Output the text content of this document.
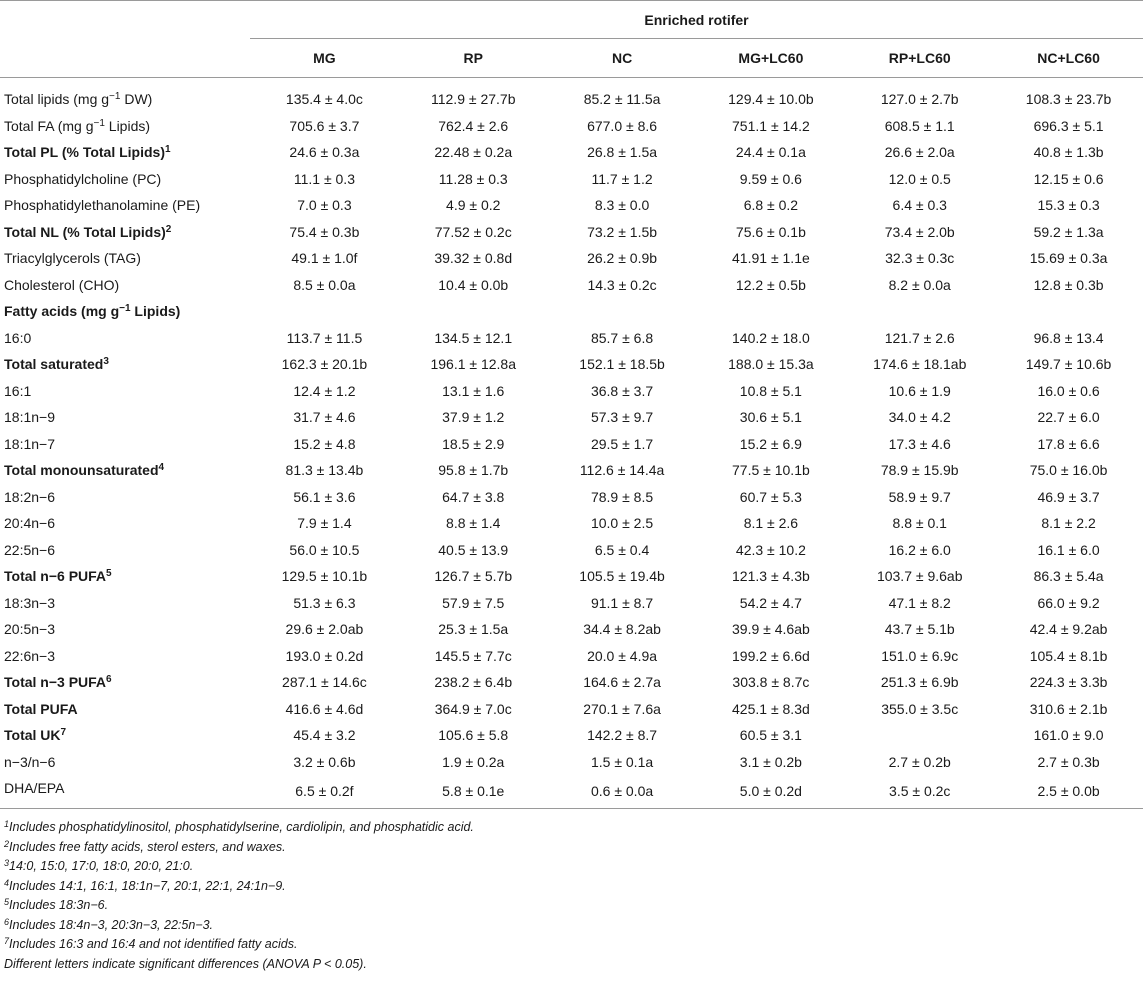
	Enriched rotifer					
	MG	RP	NC	MG+LC60	RP+LC60	NC+LC60
Total lipids (mg $g^{-1}$ DW)	135.4 ± 4.0c	112.9 ± 27.7b	85.2 ± 11.5a	129.4 ± 10.0b	127.0 ± 2.7b	108.3 ± 23.7b
Total FA (mg $g^{-1}$ Lipids)	705.6 ± 3.7	762.4 ± 2.6	677.0 ± 8.6	751.1 ± 14.2	608.5 ± 1.1	696.3 ± 5.1
Total PL (% Total Lipids)$^1$	24.6 ± 0.3a	22.48 ± 0.2a	26.8 ± 1.5a	24.4 ± 0.1a	26.6 ± 2.0a	40.8 ± 1.3b
Phosphatidylcholine (PC)	11.1 ± 0.3	11.28 ± 0.3	11.7 ± 1.2	9.59 ± 0.6	12.0 ± 0.5	12.15 ± 0.6
Phosphatidylethanolamine (PE)	7.0 ± 0.3	4.9 ± 0.2	8.3 ± 0.0	6.8 ± 0.2	6.4 ± 0.3	15.3 ± 0.3
Total NL (% Total Lipids)$^2$	75.4 ± 0.3b	77.52 ± 0.2c	73.2 ± 1.5b	75.6 ± 0.1b	73.4 ± 2.0b	59.2 ± 1.3a
Triacylglycerols (TAG)	49.1 ± 1.0f	39.32 ± 0.8d	26.2 ± 0.9b	41.91 ± 1.1e	32.3 ± 0.3c	15.69 ± 0.3a
Cholesterol (CHO)	8.5 ± 0.0a	10.4 ± 0.0b	14.3 ± 0.2c	12.2 ± 0.5b	8.2 ± 0.0a	12.8 ± 0.3b
Fatty acids (mg $g^{-1}$ Lipids)						
16:0	113.7 ± 11.5	134.5 ± 12.1	85.7 ± 6.8	140.2 ± 18.0	121.7 ± 2.6	96.8 ± 13.4
Total saturated$^3$	162.3 ± 20.1b	196.1 ± 12.8a	152.1 ± 18.5b	188.0 ± 15.3a	174.6 ± 18.1ab	149.7 ± 10.6b
16:1	12.4 ± 1.2	13.1 ± 1.6	36.8 ± 3.7	10.8 ± 5.1	10.6 ± 1.9	16.0 ± 0.6
18:1n−9	31.7 ± 4.6	37.9 ± 1.2	57.3 ± 9.7	30.6 ± 5.1	34.0 ± 4.2	22.7 ± 6.0
18:1n−7	15.2 ± 4.8	18.5 ± 2.9	29.5 ± 1.7	15.2 ± 6.9	17.3 ± 4.6	17.8 ± 6.6
Total monounsaturated$^4$	81.3 ± 13.4b	95.8 ± 1.7b	112.6 ± 14.4a	77.5 ± 10.1b	78.9 ± 15.9b	75.0 ± 16.0b
18:2n−6	56.1 ± 3.6	64.7 ± 3.8	78.9 ± 8.5	60.7 ± 5.3	58.9 ± 9.7	46.9 ± 3.7
20:4n−6	7.9 ± 1.4	8.8 ± 1.4	10.0 ± 2.5	8.1 ± 2.6	8.8 ± 0.1	8.1 ± 2.2
22:5n−6	56.0 ± 10.5	40.5 ± 13.9	6.5 ± 0.4	42.3 ± 10.2	16.2 ± 6.0	16.1 ± 6.0
Total n−6 PUFA$^5$	129.5 ± 10.1b	126.7 ± 5.7b	105.5 ± 19.4b	121.3 ± 4.3b	103.7 ± 9.6ab	86.3 ± 5.4a
18:3n−3	51.3 ± 6.3	57.9 ± 7.5	91.1 ± 8.7	54.2 ± 4.7	47.1 ± 8.2	66.0 ± 9.2
20:5n−3	29.6 ± 2.0ab	25.3 ± 1.5a	34.4 ± 8.2ab	39.9 ± 4.6ab	43.7 ± 5.1b	42.4 ± 9.2ab
22:6n−3	193.0 ± 0.2d	145.5 ± 7.7c	20.0 ± 4.9a	199.2 ± 6.6d	151.0 ± 6.9c	105.4 ± 8.1b
Total n−3 PUFA$^6$	287.1 ± 14.6c	238.2 ± 6.4b	164.6 ± 2.7a	303.8 ± 8.7c	251.3 ± 6.9b	224.3 ± 3.3b
Total PUFA	416.6 ± 4.6d	364.9 ± 7.0c	270.1 ± 7.6a	425.1 ± 8.3d	355.0 ± 3.5c	310.6 ± 2.1b
Total $UK^7$	45.4 ± 3.2	105.6 ± 5.8	142.2 ± 8.7	60.5 ± 3.1		161.0 ± 9.0
n−3/n−6	3.2 ± 0.6b	1.9 ± 0.2a	1.5 ± 0.1a	3.1 ± 0.2b	2.7 ± 0.2b	2.7 ± 0.3b
DHA/EPA	6.5 ± 0.2f	5.8 ± 0.1e	0.6 ± 0.0a	5.0 ± 0.2d	3.5 ± 0.2c	2.5 ± 0.0b
$^1$Includes phosphatidylinositol, phosphatidylserine, cardiolipin, and phosphatidic acid.
$^2$Includes free fatty acids, sterol esters, and waxes.
$^3$14:0, 15:0, 17:0, 18:0, 20:0, 21:0.
$^4$Includes 14:1, 16:1, 18:1n−7, 20:1, 22:1, 24:1n−9.
$^5$Includes 18:3n−6.
$^6$Includes 18:4n−3, 20:3n−3, 22:5n−3.
$^7$Includes 16:3 and 16:4 and not identified fatty acids.
Different letters indicate significant differences (ANOVA P < 0.05).
